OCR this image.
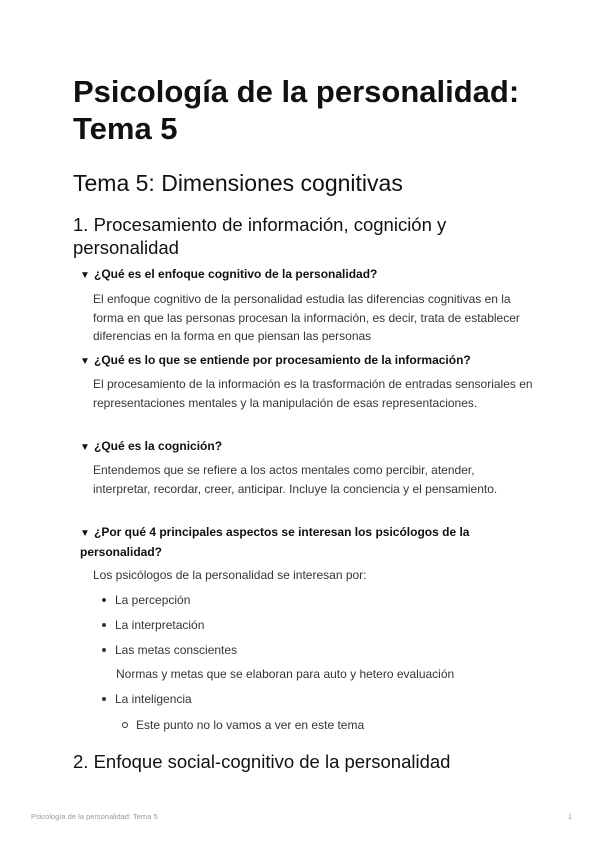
Psicología de la personalidad:
Tema 5
Tema 5: Dimensiones cognitivas
1. Procesamiento de información, cognición y personalidad
▼ ¿Qué es el enfoque cognitivo de la personalidad?
El enfoque cognitivo de la personalidad estudia las diferencias cognitivas en la forma en que las personas procesan la información, es decir, trata de establecer diferencias en la forma en que piensan las personas
▼ ¿Qué es lo que se entiende por procesamiento de la información?
El procesamiento de la información es la trasformación de entradas sensoriales en representaciones mentales y la manipulación de esas representaciones.
▼ ¿Qué es la cognición?
Entendemos que se refiere a los actos mentales como percibir, atender, interpretar, recordar, creer, anticipar. Incluye la conciencia y el pensamiento.
▼ ¿Por qué 4 principales aspectos se interesan los psicólogos de la personalidad?
Los psicólogos de la personalidad se interesan por:
La percepción
La interpretación
Las metas conscientes
Normas y metas que se elaboran para auto y hetero evaluación
La inteligencia
Este punto no lo vamos a ver en este tema
2. Enfoque social-cognitivo de la personalidad
Psicología de la personalidad: Tema 5	1
